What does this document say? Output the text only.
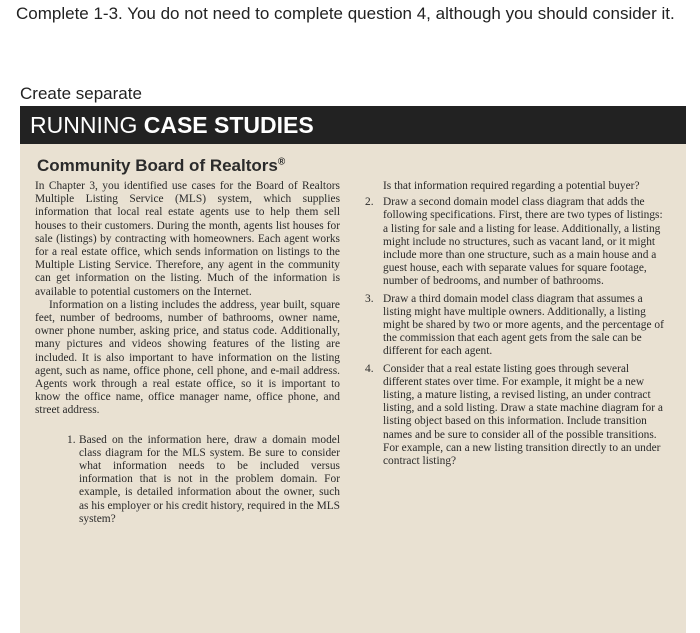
Complete 1-3. You do not need to complete question 4, although you should consider it.
Create separate
RUNNING CASE STUDIES
Community Board of Realtors®

In Chapter 3, you identified use cases for the Board of Realtors Multiple Listing Service (MLS) system, which supplies information that local real estate agents use to help them sell houses to their customers. During the month, agents list houses for sale (listings) by contracting with homeowners. Each agent works for a real estate office, which sends information on listings to the Multiple Listing Service. Therefore, any agent in the community can get information on the listing. Much of the information is available to potential customers on the Internet.

Information on a listing includes the address, year built, square feet, number of bedrooms, number of bathrooms, owner name, owner phone number, asking price, and status code. Additionally, many pictures and videos showing features of the listing are included. It is also important to have information on the listing agent, such as name, office phone, cell phone, and e-mail address. Agents work through a real estate office, so it is important to know the office name, office manager name, office phone, and street address.

1. Based on the information here, draw a domain model class diagram for the MLS system. Be sure to consider what information needs to be included versus information that is not in the problem domain. For example, is detailed information about the owner, such as his employer or his credit history, required in the MLS system?

Is that information required regarding a potential buyer?

2. Draw a second domain model class diagram that adds the following specifications. First, there are two types of listings: a listing for sale and a listing for lease. Additionally, a listing might include no structures, such as vacant land, or it might include more than one structure, such as a main house and a guest house, each with separate values for square footage, number of bedrooms, and number of bathrooms.
3. Draw a third domain model class diagram that assumes a listing might have multiple owners. Additionally, a listing might be shared by two or more agents, and the percentage of the commission that each agent gets from the sale can be different for each agent.
4. Consider that a real estate listing goes through several different states over time. For example, it might be a new listing, a mature listing, a revised listing, an under contract listing, and a sold listing. Draw a state machine diagram for a listing object based on this information. Include transition names and be sure to consider all of the possible transitions. For example, can a new listing transition directly to an under contract listing?
